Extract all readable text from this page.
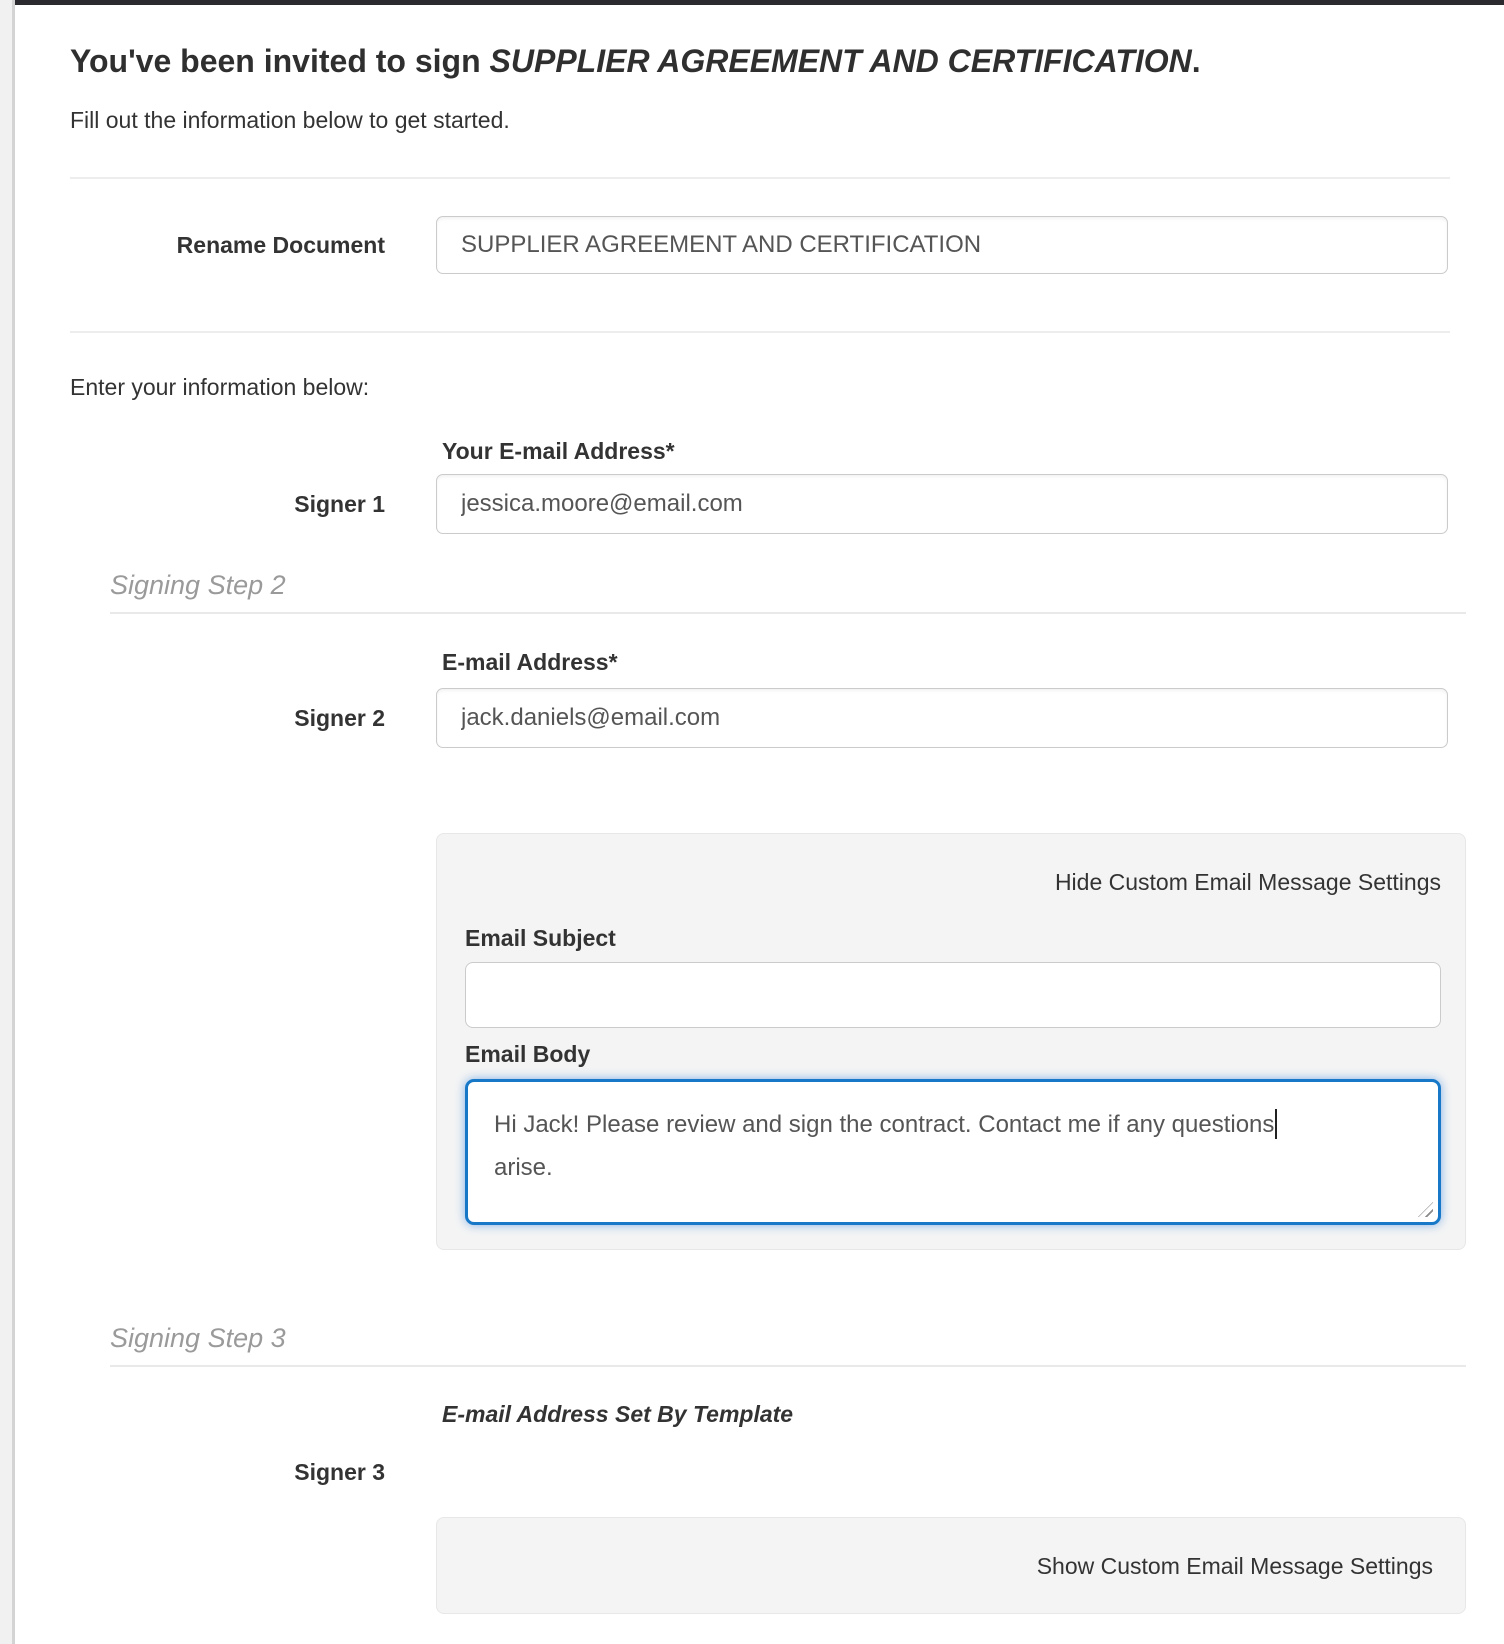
You've been invited to sign SUPPLIER AGREEMENT AND CERTIFICATION.

Fill out the information below to get started.

Rename Document
SUPPLIER AGREEMENT AND CERTIFICATION

Enter your information below:

Your E-mail Address*
Signer 1
jessica.moore@email.com
Signing Step 2
E-mail Address*
Signer 2
jack.daniels@email.com
Hide Custom Email Message Settings
Email Subject
Email Body
Hi Jack! Please review and sign the contract. Contact me if any questions
arise.
Signing Step 3
E-mail Address Set By Template
Signer 3
Show Custom Email Message Settings
